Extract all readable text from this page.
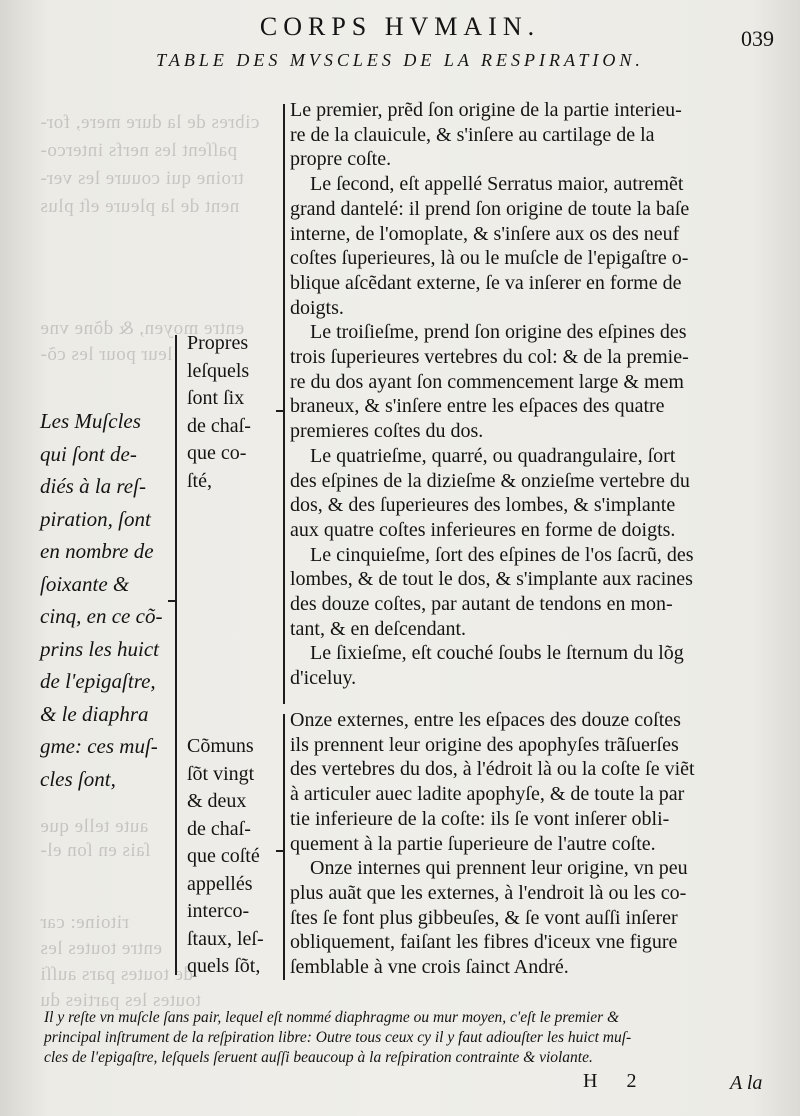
cibres de la dure mere, for-
paſſent les nerfs interco-
troine qui couure les ver-
nent de la pleure eſt plus
entre moyen, & dõne vne
leur pour les cõ-
aute telle que
ſais en ſon el-
ritoine: car
entre toutes les
de toutes pars auſſi
toutes les parties du
CORPS HVMAIN.	039
TABLE DES MVSCLES DE LA RESPIRATION.
Les Muſcles
qui ſont de-
diés à la reſ-
piration, ſont
en nombre de
ſoixante &
cinq, en ce cõ-
prins les huict
de l'epigaſtre,
& le diaphra
gme: ces muſ-
cles ſont,
Propres
leſquels
ſont ſix
de chaſ-
que co-
ſté,
Cõmuns
ſõt vingt
& deux
de chaſ-
que coſté
appellés
interco-
ſtaux, leſ-
quels ſõt,
Le premier, prẽd ſon origine de la partie interieu-
re de la clauicule, & s'inſere au cartilage de la
propre coſte.
Le ſecond, eſt appellé Serratus maior, autremẽt
grand dantelé: il prend ſon origine de toute la baſe
interne, de l'omoplate, & s'inſere aux os des neuf
coſtes ſuperieures, là ou le muſcle de l'epigaſtre o-
blique aſcẽdant externe, ſe va inſerer en forme de
doigts.
Le troiſieſme, prend ſon origine des eſpines des
trois ſuperieures vertebres du col: & de la premie-
re du dos ayant ſon commencement large & mem
braneux, & s'inſere entre les eſpaces des quatre
premieres coſtes du dos.
Le quatrieſme, quarré, ou quadrangulaire, ſort
des eſpines de la dizieſme & onzieſme vertebre du
dos, & des ſuperieures des lombes, & s'implante
aux quatre coſtes inferieures en forme de doigts.
Le cinquieſme, ſort des eſpines de l'os ſacrũ, des
lombes, & de tout le dos, & s'implante aux racines
des douze coſtes, par autant de tendons en mon-
tant, & en deſcendant.
Le ſixieſme, eſt couché ſoubs le ſternum du lõg
d'iceluy.
Onze externes, entre les eſpaces des douze coſtes
ils prennent leur origine des apophyſes trãſuerſes
des vertebres du dos, à l'édroit là ou la coſte ſe viẽt
à articuler auec ladite apophyſe, & de toute la par
tie inferieure de la coſte: ils ſe vont inſerer obli-
quement à la partie ſuperieure de l'autre coſte.
Onze internes qui prennent leur origine, vn peu
plus auãt que les externes, à l'endroit là ou les co-
ſtes ſe font plus gibbeuſes, & ſe vont auſſi inſerer
obliquement, faiſant les fibres d'iceux vne figure
ſemblable à vne crois ſainct André.
Il y reſte vn muſcle ſans pair, lequel eſt nommé diaphragme ou mur moyen, c'eſt le premier &
principal inſtrument de la reſpiration libre: Outre tous ceux cy il y faut adiouſter les huict muſ-
cles de l'epigaſtre, leſquels ſeruent auſſi beaucoup à la reſpiration contrainte & violante.
H 2	A la
